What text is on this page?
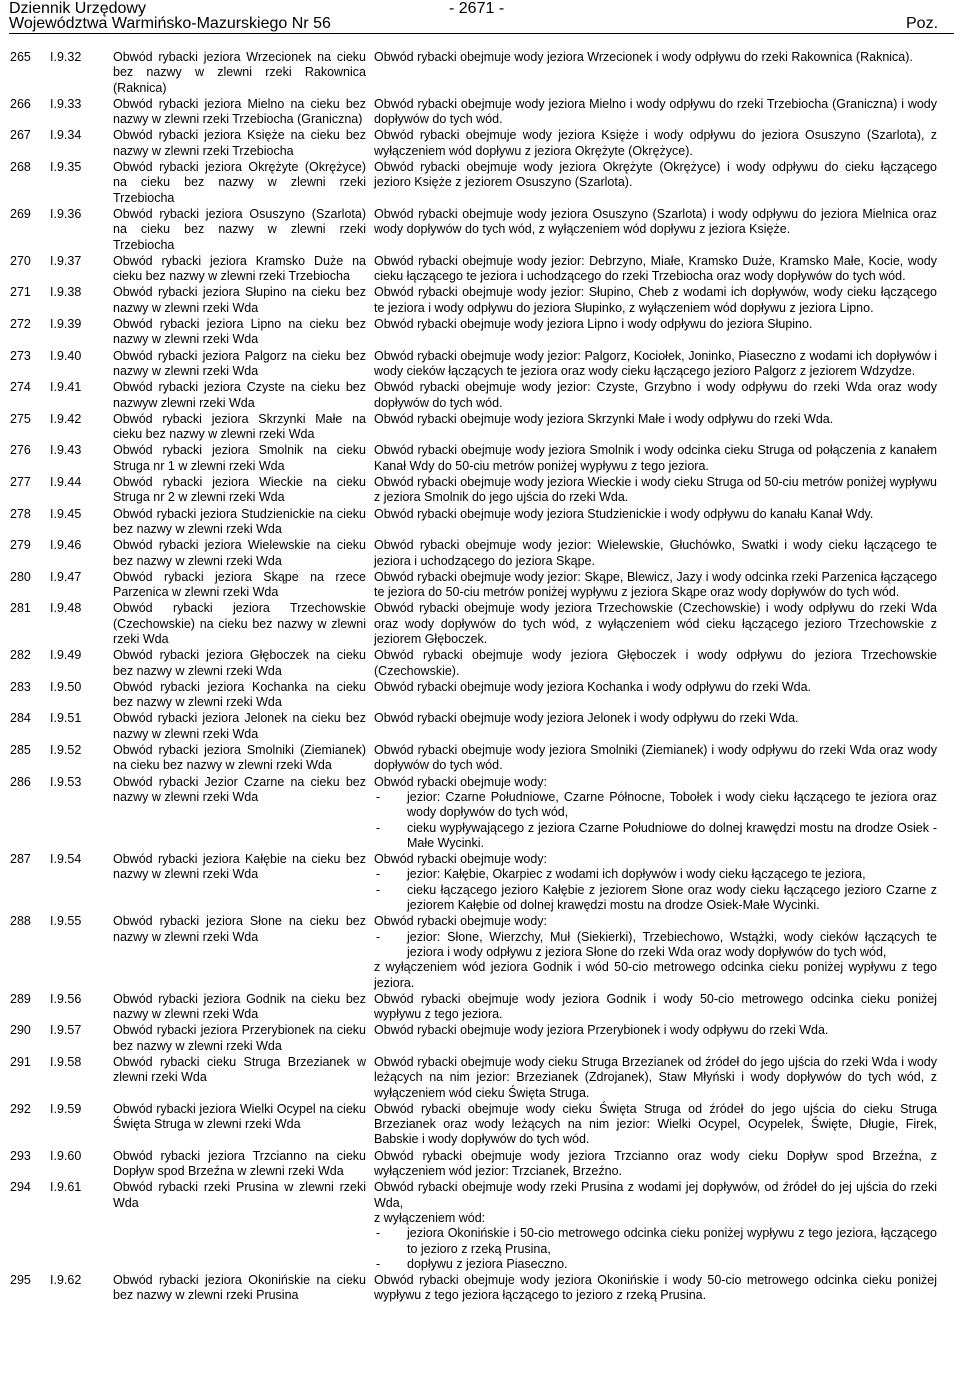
Dziennik Urzędowy
Województwa Warmińsko-Mazurskiego Nr 56
- 2671 -
Poz.
265	I.9.32	Obwód rybacki jeziora Wrzecionek na cieku bez nazwy w zlewni rzeki Rakownica (Raknica)
Obwód rybacki obejmuje wody jeziora Wrzecionek i wody odpływu do rzeki Rakownica (Raknica).
266	I.9.33	Obwód rybacki jeziora Mielno na cieku bez nazwy w zlewni rzeki Trzebiocha (Graniczna)
Obwód rybacki obejmuje wody jeziora Mielno i wody odpływu do rzeki Trzebiocha (Graniczna) i wody dopływów do tych wód.
267	I.9.34	Obwód rybacki jeziora Księże na cieku bez nazwy w zlewni rzeki Trzebiocha
Obwód rybacki obejmuje wody jeziora Księże i wody odpływu do jeziora Osuszyno (Szarlota), z wyłączeniem wód dopływu z jeziora Okrężyte (Okrężyce).
268	I.9.35	Obwód rybacki jeziora Okrężyte (Okrężyce) na cieku bez nazwy w zlewni rzeki Trzebiocha
Obwód rybacki obejmuje wody jeziora Okrężyte (Okrężyce) i wody odpływu do cieku łączącego jezioro Księże z jeziorem Osuszyno (Szarlota).
269	I.9.36	Obwód rybacki jeziora Osuszyno (Szarlota) na cieku bez nazwy w zlewni rzeki Trzebiocha
Obwód rybacki obejmuje wody jeziora Osuszyno (Szarlota) i wody odpływu do jeziora Mielnica oraz wody dopływów do tych wód, z wyłączeniem wód dopływu z jeziora Księże.
270	I.9.37	Obwód rybacki jeziora Kramsko Duże na cieku bez nazwy w zlewni rzeki Trzebiocha
Obwód rybacki obejmuje wody jezior: Debrzyno, Miałe, Kramsko Duże, Kramsko Małe, Kocie, wody cieku łączącego te jeziora i uchodzącego do rzeki Trzebiocha oraz wody dopływów do tych wód.
271	I.9.38	Obwód rybacki jeziora Słupino na cieku bez nazwy w zlewni rzeki Wda
Obwód rybacki obejmuje wody jezior: Słupino, Cheb z wodami ich dopływów, wody cieku łączącego te jeziora i wody odpływu do jeziora Słupinko, z wyłączeniem wód dopływu z jeziora Lipno.
272	I.9.39	Obwód rybacki jeziora Lipno na cieku bez nazwy w zlewni rzeki Wda
Obwód rybacki obejmuje wody jeziora Lipno i wody odpływu do jeziora Słupino.
273	I.9.40	Obwód rybacki jeziora Palgorz na cieku bez nazwy w zlewni rzeki Wda
Obwód rybacki obejmuje wody jezior: Palgorz, Kociołek, Joninko, Piaseczno z wodami ich dopływów i wody cieków łączących te jeziora oraz wody cieku łączącego jezioro Palgorz z jeziorem Wdzydze.
274	I.9.41	Obwód rybacki jeziora Czyste na cieku bez nazwyw zlewni rzeki Wda
Obwód rybacki obejmuje wody jezior: Czyste, Grzybno i wody odpływu do rzeki Wda oraz wody dopływów do tych wód.
275	I.9.42	Obwód rybacki jeziora Skrzynki Małe na cieku bez nazwy w zlewni rzeki Wda
Obwód rybacki obejmuje wody jeziora Skrzynki Małe i wody odpływu do rzeki Wda.
276	I.9.43	Obwód rybacki jeziora Smolnik na cieku Struga nr 1 w zlewni rzeki Wda
Obwód rybacki obejmuje wody jeziora Smolnik i wody odcinka cieku Struga od połączenia z kanałem Kanał Wdy do 50-ciu metrów poniżej wypływu z tego jeziora.
277	I.9.44	Obwód rybacki jeziora Wieckie na cieku Struga nr 2 w zlewni rzeki Wda
Obwód rybacki obejmuje wody jeziora Wieckie i wody cieku Struga od 50-ciu metrów poniżej wypływu z jeziora Smolnik do jego ujścia do rzeki Wda.
278	I.9.45	Obwód rybacki jeziora Studzienickie na cieku bez nazwy w zlewni rzeki Wda
Obwód rybacki obejmuje wody jeziora Studzienickie i wody odpływu do kanału Kanał Wdy.
279	I.9.46	Obwód rybacki jeziora Wielewskie na cieku bez nazwy w zlewni rzeki Wda
Obwód rybacki obejmuje wody jezior: Wielewskie, Głuchówko, Swatki i wody cieku łączącego te jeziora i uchodzącego do jeziora Skąpe.
280	I.9.47	Obwód rybacki jeziora Skąpe na rzece Parzenica w zlewni rzeki Wda
Obwód rybacki obejmuje wody jezior: Skąpe, Blewicz, Jazy i wody odcinka rzeki Parzenica łączącego te jeziora do 50-ciu metrów poniżej wypływu z jeziora Skąpe oraz wody dopływów do tych wód.
281	I.9.48	Obwód rybacki jeziora Trzechowskie (Czechowskie) na cieku bez nazwy w zlewni rzeki Wda
Obwód rybacki obejmuje wody jeziora Trzechowskie (Czechowskie) i wody odpływu do rzeki Wda oraz wody dopływów do tych wód, z wyłączeniem wód cieku łączącego jezioro Trzechowskie z jeziorem Głęboczek.
282	I.9.49	Obwód rybacki jeziora Głęboczek na cieku bez nazwy w zlewni rzeki Wda
Obwód rybacki obejmuje wody jeziora Głęboczek i wody odpływu do jeziora Trzechowskie (Czechowskie).
283	I.9.50	Obwód rybacki jeziora Kochanka na cieku bez nazwy w zlewni rzeki Wda
Obwód rybacki obejmuje wody jeziora Kochanka i wody odpływu do rzeki Wda.
284	I.9.51	Obwód rybacki jeziora Jelonek na cieku bez nazwy w zlewni rzeki Wda
Obwód rybacki obejmuje wody jeziora Jelonek i wody odpływu do rzeki Wda.
285	I.9.52	Obwód rybacki jeziora Smolniki (Ziemianek) na cieku bez nazwy w zlewni rzeki Wda
Obwód rybacki obejmuje wody jeziora Smolniki (Ziemianek) i wody odpływu do rzeki Wda oraz wody dopływów do tych wód.
286	I.9.53	Obwód rybacki Jezior Czarne na cieku bez nazwy w zlewni rzeki Wda
Obwód rybacki obejmuje wody:
- jezior: Czarne Południowe, Czarne Północne, Tobołek i wody cieku łączącego te jeziora oraz wody dopływów do tych wód,
- cieku wypływającego z jeziora Czarne Południowe do dolnej krawędzi mostu na drodze Osiek - Małe Wycinki.
287	I.9.54	Obwód rybacki jeziora Kałębie na cieku bez nazwy w zlewni rzeki Wda
Obwód rybacki obejmuje wody:
- jezior: Kałębie, Okarpiec z wodami ich dopływów i wody cieku łączącego te jeziora,
- cieku łączącego jezioro Kałębie z jeziorem Słone oraz wody cieku łączącego jezioro Czarne z jeziorem Kałębie od dolnej krawędzi mostu na drodze Osiek-Małe Wycinki.
288	I.9.55	Obwód rybacki jeziora Słone na cieku bez nazwy w zlewni rzeki Wda
Obwód rybacki obejmuje wody:
- jezior: Słone, Wierzchy, Muł (Siekierki), Trzebiechowo, Wstążki, wody cieków łączących te jeziora i wody odpływu z jeziora Słone do rzeki Wda oraz wody dopływów do tych wód,
z wyłączeniem wód jeziora Godnik i wód 50-cio metrowego odcinka cieku poniżej wypływu z tego jeziora.
289	I.9.56	Obwód rybacki jeziora Godnik na cieku bez nazwy w zlewni rzeki Wda
Obwód rybacki obejmuje wody jeziora Godnik i wody 50-cio metrowego odcinka cieku poniżej wypływu z tego jeziora.
290	I.9.57	Obwód rybacki jeziora Przerybionek na cieku bez nazwy w zlewni rzeki Wda
Obwód rybacki obejmuje wody jeziora Przerybionek i wody odpływu do rzeki Wda.
291	I.9.58	Obwód rybacki cieku Struga Brzezianek w zlewni rzeki Wda
Obwód rybacki obejmuje wody cieku Struga Brzezianek od źródeł do jego ujścia do rzeki Wda i wody leżących na nim jezior: Brzezianek (Zdrojanek), Staw Młyński i wody dopływów do tych wód, z wyłączeniem wód cieku Święta Struga.
292	I.9.59	Obwód rybacki jeziora Wielki Ocypel na cieku Święta Struga w zlewni rzeki Wda
Obwód rybacki obejmuje wody cieku Święta Struga od źródeł do jego ujścia do cieku Struga Brzezianek oraz wody leżących na nim jezior: Wielki Ocypel, Ocypelek, Święte, Długie, Firek, Babskie i wody dopływów do tych wód.
293	I.9.60	Obwód rybacki jeziora Trzcianno na cieku Dopływ spod Brzeźna w zlewni rzeki Wda
Obwód rybacki obejmuje wody jeziora Trzcianno oraz wody cieku Dopływ spod Brzeźna, z wyłączeniem wód jezior: Trzcianek, Brzeźno.
294	I.9.61	Obwód rybacki rzeki Prusina w zlewni rzeki Wda
Obwód rybacki obejmuje wody rzeki Prusina z wodami jej dopływów, od źródeł do jej ujścia do rzeki Wda,
z wyłączeniem wód:
- jeziora Okonińskie i 50-cio metrowego odcinka cieku poniżej wypływu z tego jeziora, łączącego to jezioro z rzeką Prusina,
- dopływu z jeziora Piaseczno.
295	I.9.62	Obwód rybacki jeziora Okonińskie na cieku bez nazwy w zlewni rzeki Prusina
Obwód rybacki obejmuje wody jeziora Okonińskie i wody 50-cio metrowego odcinka cieku poniżej wypływu z tego jeziora łączącego to jezioro z rzeką Prusina.
